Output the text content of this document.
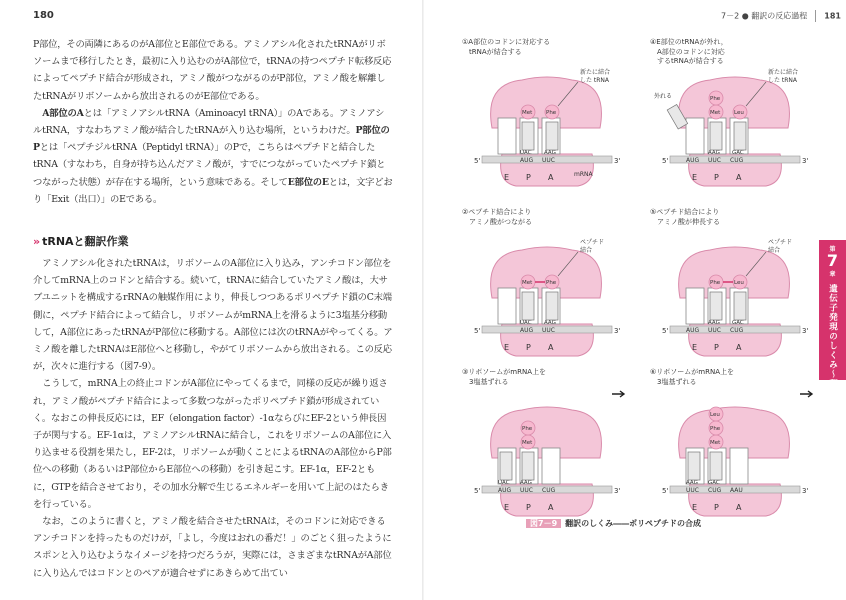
180

P部位，その両隣にあるのがA部位とE部位である。アミノアシル化されたtRNAがリボソームまで移行したとき，最初に入り込むのがA部位で，tRNAの持つペプチド転移反応によってペプチド結合が形成され，アミノ酸がつながるのがP部位，アミノ酸を解離したtRNAがリボソームから放出されるのがE部位である。

A部位のAとは「アミノアシルtRNA（Aminoacyl tRNA）」のAである。アミノアシルtRNA，すなわちアミノ酸が結合したtRNAが入り込む場所，というわけだ。P部位のPとは「ペプチジルtRNA（Peptidyl tRNA）」のPで，こちらはペプチドと結合したtRNA（すなわち，自身が持ち込んだアミノ酸が，すでにつながっていたペプチド鎖とつながった状態）が存在する場所，という意味である。そしてE部位のEとは，文字どおり「Exit（出口）」のEである。

» tRNAと翻訳作業

アミノアシル化されたtRNAは，リボソームのA部位に入り込み，アンチコドン部位を介してmRNA上のコドンと結合する。続いて，tRNAに結合していたアミノ酸は，大サブユニットを構成するrRNAの触媒作用により，伸長しつつあるポリペプチド鎖のC末端側に，ペプチド結合によって結合し，リボソームがmRNA上を滑るように3塩基分移動して，A部位にあったtRNAがP部位に移動する。A部位には次のtRNAがやってくる。アミノ酸を離したtRNAはE部位へと移動し，やがてリボソームから放出される。この反応が，次々に進行する（図7-9）。

こうして，mRNA上の終止コドンがA部位にやってくるまで，同様の反応が繰り返され，アミノ酸がペプチド結合によって多数つながったポリペプチド鎖が形成されていく。なおこの伸長反応には，EF（elongation factor）-1αならびにEF-2という伸長因子が関与する。EF-1αは，アミノアシルtRNAに結合し，これをリボソームのA部位に入り込ませる役割を果たし，EF-2は，リボソームが動くことによるtRNAのA部位からP部位への移動（あるいはP部位からE部位への移動）を引き起こす。EF-1α，EF-2ともに，GTPを結合させており，その加水分解で生じるエネルギーを用いて上記のはたらきを行っている。

なお，このように書くと，アミノ酸を結合させたtRNAは，そのコドンに対応できるアンチコドンを持ったものだけが，「よし，今度はおれの番だ！」のごとく狙ったようにスポンと入り込むようなイメージを持つだろうが，実際には，さまざまなtRNAがA部位に入り込んではコドンとのペアが適合せずにあきらめて出てい

7－2 ● 翻訳の反応過程 181
第
7
章
遺伝子発現のしくみ～翻訳～
①A部位のコドンに対応する
　tRNAが結合する
5'	3'
E P A
AUG UUC
UAC
Met
AAG
Phe
新たに結合した tRNA
mRNA
④E部位のtRNAが外れ，
　A部位のコドンに対応
　するtRNAが結合する
5'	3'
E P A
AUG UUC CUG
AAG
Met
Phe
GAC
Leu
新たに結合した tRNA
外れる
②ペプチド結合により
　アミノ酸がつながる
5'	3'
E P A
AUG UUC
UAC
Met
AAG
Phe
ペプチド結合
⑤ペプチド結合により
　アミノ酸が伸長する
5'	3'
E P A
AUG UUC CUG
AAG
Phe
GAC
Leu
ペプチド結合
③リボソームがmRNA上を
　3塩基ずれる
5'	3'
E P A
AUG UUC CUG
UAC AAG
Met
Phe
⑥リボソームがmRNA上を
　3塩基ずれる
5'	3'
E P A
UUC CUG AAU
AAG GAC
Met
Phe
Leu
図7－9 翻訳のしくみ――ポリペプチドの合成
